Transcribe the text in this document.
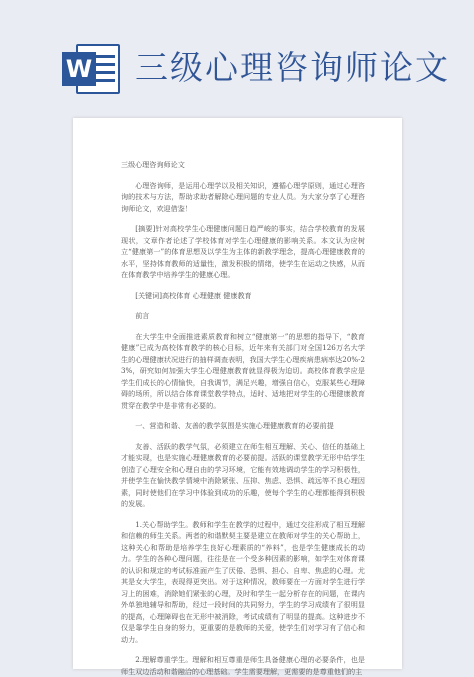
W 三级心理咨询师论文

三级心理咨询师论文

心理咨询师，是运用心理学以及相关知识，遵循心理学原则，通过心理咨询的技术与方法，帮助求助者解除心理问题的专业人员。为大家分享了心理咨询师论文，欢迎借鉴！

[摘要]针对高校学生心理健康问题日趋严峻的事实，结合学校教育的发展现状，文章作者论述了学校体育对学生心理健康的影响关系。本文认为应树立“健康第一”的体育思想及以学生为主体的新教学理念，提高心理健康教育的水平，坚持体育教师的适量性，激发积极的情绪，使学生在运动之快感，从而在体育教学中培养学生的健康心理。

[关键词]高校体育 心理健康 健康教育

前言

在大学生中全面推进素质教育和树立“健康第一”的思想的指导下，“教育健康”已成为高校体育教学的核心目标，近年来有关部门对全国126万名大学生的心理健康状况进行的抽样调查表明，我国大学生心理疾病患病率达20%-23%，研究如何加强大学生心理健康教育就显得极为迫切。高校体育教学应是学生们成长的心情愉快，自我调节，满足兴趣，增强自信心，克服某些心理障碍的场所，所以结合体育课堂教学特点，适时、适地把对学生的心理健康教育贯穿在教学中是非常有必要的。

一、营造和谐、友善的教学氛围是实施心理健康教育的必要前提

友善、活跃的教学气氛，必须建立在师生相互理解、关心、信任的基础上才能实现，也是实施心理健康教育的必要前提。活跃的课堂教学无形中给学生创造了心理安全和心理自由的学习环境，它能有效地调动学生的学习积极性，并使学生在愉快教学情境中消除紧张、压抑、焦虑、恐惧、疏远等不良心理因素，同时使他们在学习中体验到成功的乐趣，使每个学生的心理都能得到积极的发展。

1.关心帮助学生。教师和学生在教学的过程中，通过交往形成了相互理解和信赖的师生关系。两者的和谐默契主要是建立在教师对学生的关心帮助上，这种关心和帮助是培养学生良好心理素质的“养料”，也是学生健康成长的动力。学生的各种心理问题，往往是在一个受多种因素的影响，如学生对体育课的认识和规定的考试标准面产生了厌倦、恐惧、担心、自卑、焦虑的心理。尤其是女大学生，表现得更突出。对于这种情况，教师要在一方面对学生进行学习上的困难，消除她们紧张的心理，及时和学生一起分析存在的问题，在课内外单独地辅导和帮助，经过一段时间的共同努力，学生的学习成绩有了很明显的提高，心理障碍也在无形中被消除，考试成绩有了明显的提高。这种进步不仅是靠学生自身的努力，更重要的是教师的关爱，使学生们对学习有了信心和动力。

2.理解尊重学生。理解和相互尊重是师生具备健康心理的必要条件，也是师生双边活动和谐融洽的心理基础。学生需要理解，更需要的是尊重他们的主
